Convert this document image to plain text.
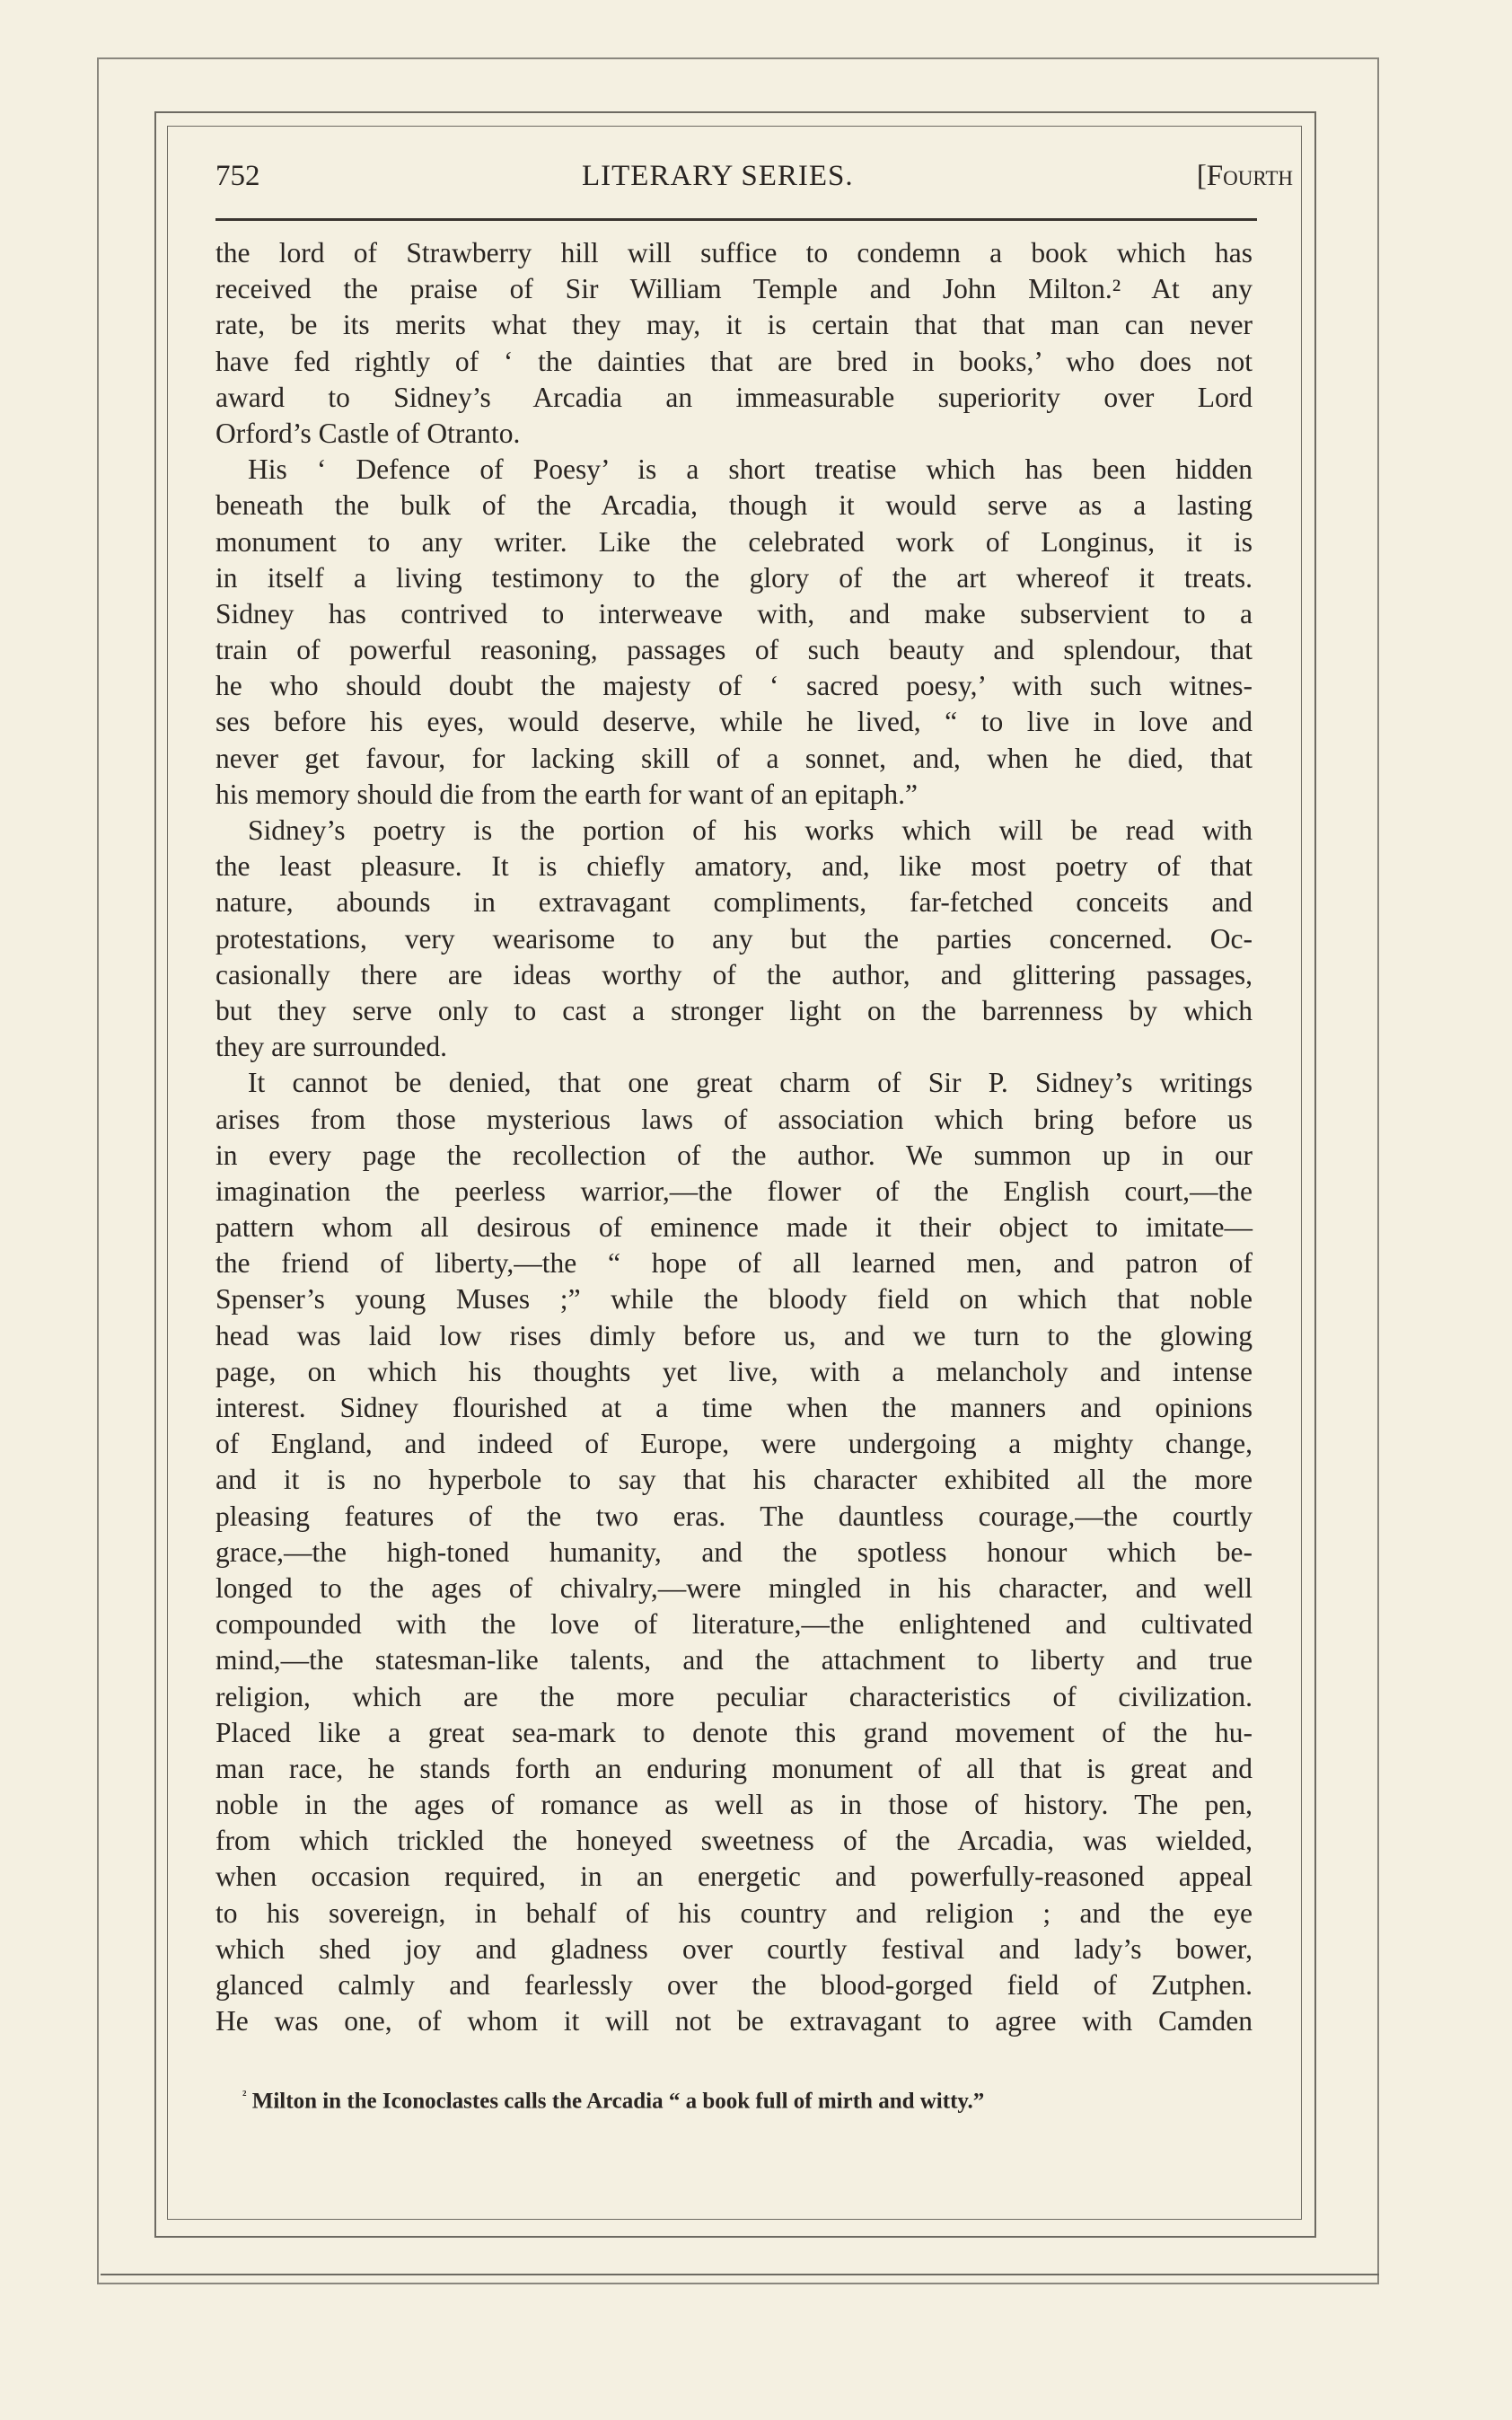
752	LITERARY SERIES.	[Fourth
the lord of Strawberry hill will suffice to condemn a book which has
received the praise of Sir William Temple and John Milton.² At any
rate, be its merits what they may, it is certain that that man can never
have fed rightly of ‘ the dainties that are bred in books,’ who does not
award to Sidney’s Arcadia an immeasurable superiority over Lord
Orford’s Castle of Otranto.
His ‘ Defence of Poesy’ is a short treatise which has been hidden
beneath the bulk of the Arcadia, though it would serve as a lasting
monument to any writer. Like the celebrated work of Longinus, it is
in itself a living testimony to the glory of the art whereof it treats.
Sidney has contrived to interweave with, and make subservient to a
train of powerful reasoning, passages of such beauty and splendour, that
he who should doubt the majesty of ‘ sacred poesy,’ with such witnes-
ses before his eyes, would deserve, while he lived, “ to live in love and
never get favour, for lacking skill of a sonnet, and, when he died, that
his memory should die from the earth for want of an epitaph.”
Sidney’s poetry is the portion of his works which will be read with
the least pleasure. It is chiefly amatory, and, like most poetry of that
nature, abounds in extravagant compliments, far-fetched conceits and
protestations, very wearisome to any but the parties concerned. Oc-
casionally there are ideas worthy of the author, and glittering passages,
but they serve only to cast a stronger light on the barrenness by which
they are surrounded.
It cannot be denied, that one great charm of Sir P. Sidney’s writings
arises from those mysterious laws of association which bring before us
in every page the recollection of the author. We summon up in our
imagination the peerless warrior,—the flower of the English court,—the
pattern whom all desirous of eminence made it their object to imitate—
the friend of liberty,—the “ hope of all learned men, and patron of
Spenser’s young Muses ;” while the bloody field on which that noble
head was laid low rises dimly before us, and we turn to the glowing
page, on which his thoughts yet live, with a melancholy and intense
interest. Sidney flourished at a time when the manners and opinions
of England, and indeed of Europe, were undergoing a mighty change,
and it is no hyperbole to say that his character exhibited all the more
pleasing features of the two eras. The dauntless courage,—the courtly
grace,—the high-toned humanity, and the spotless honour which be-
longed to the ages of chivalry,—were mingled in his character, and well
compounded with the love of literature,—the enlightened and cultivated
mind,—the statesman-like talents, and the attachment to liberty and true
religion, which are the more peculiar characteristics of civilization.
Placed like a great sea-mark to denote this grand movement of the hu-
man race, he stands forth an enduring monument of all that is great and
noble in the ages of romance as well as in those of history. The pen,
from which trickled the honeyed sweetness of the Arcadia, was wielded,
when occasion required, in an energetic and powerfully-reasoned appeal
to his sovereign, in behalf of his country and religion ; and the eye
which shed joy and gladness over courtly festival and lady’s bower,
glanced calmly and fearlessly over the blood-gorged field of Zutphen.
He was one, of whom it will not be extravagant to agree with Camden
$^{^2}$ Milton in the Iconoclastes calls the Arcadia “ a book full of mirth and witty.”
